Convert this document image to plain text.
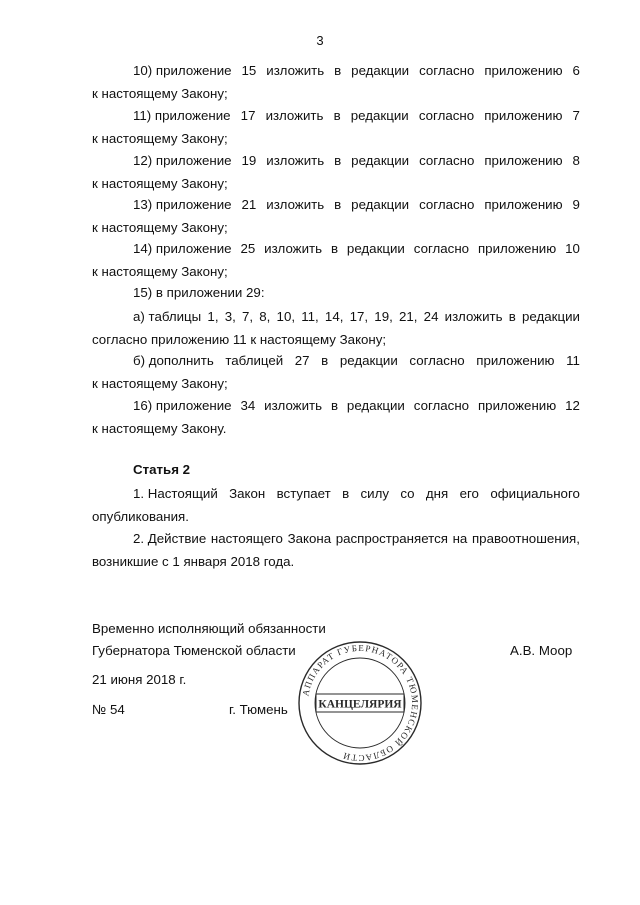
3
10) приложение 15 изложить в редакции согласно приложению 6
к настоящему Закону;
11) приложение 17 изложить в редакции согласно приложению 7
к настоящему Закону;
12) приложение 19 изложить в редакции согласно приложению 8
к настоящему Закону;
13) приложение 21 изложить в редакции согласно приложению 9
к настоящему Закону;
14) приложение 25 изложить в редакции согласно приложению 10
к настоящему Закону;
15) в приложении 29:
а) таблицы 1, 3, 7, 8, 10, 11, 14, 17, 19, 21, 24 изложить в редакции
согласно приложению 11 к настоящему Закону;
б) дополнить таблицей 27 в редакции согласно приложению 11
к настоящему Закону;
16) приложение 34 изложить в редакции согласно приложению 12
к настоящему Закону.
Статья 2
1. Настоящий Закон вступает в силу со дня его официального
опубликования.
2. Действие настоящего Закона распространяется на правоотношения,
возникшие с 1 января 2018 года.
Временно исполняющий обязанности
Губернатора Тюменской области	А.В. Моор
21 июня 2018 г.
№ 54	г. Тюмень
АППАРАТ ГУБЕРНАТОРА ТЮМЕНСКОЙ ОБЛАСТИ
КАНЦЕЛЯРИЯ
